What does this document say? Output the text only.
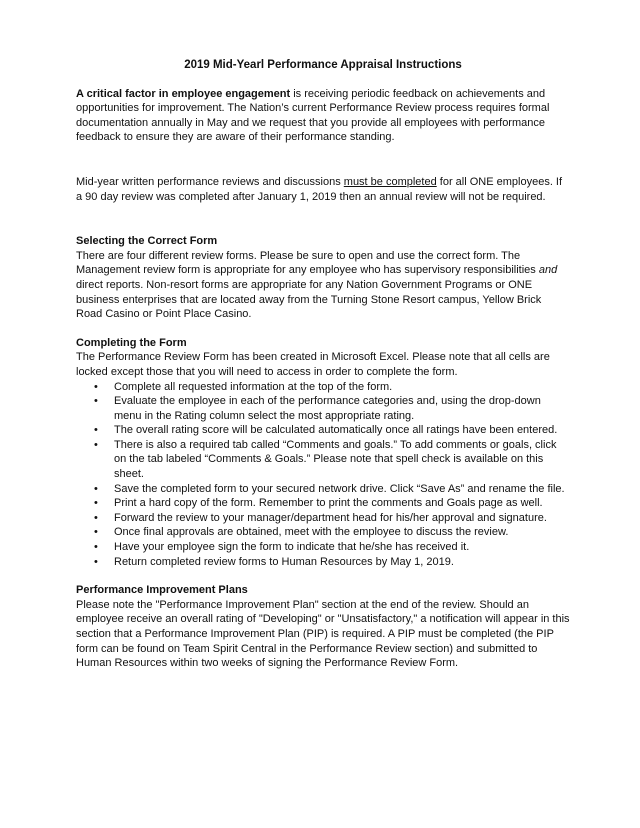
2019 Mid-Yearl Performance Appraisal Instructions

A critical factor in employee engagement is receiving periodic feedback on achievements and opportunities for improvement. The Nation’s current Performance Review process requires formal documentation annually in May and we request that you provide all employees with performance feedback to ensure they are aware of their performance standing.

Mid-year written performance reviews and discussions must be completed for all ONE employees. If a 90 day review was completed after January 1, 2019 then an annual review will not be required.

Selecting the Correct Form

There are four different review forms. Please be sure to open and use the correct form. The Management review form is appropriate for any employee who has supervisory responsibilities and direct reports. Non-resort forms are appropriate for any Nation Government Programs or ONE business enterprises that are located away from the Turning Stone Resort campus, Yellow Brick Road Casino or Point Place Casino.

Completing the Form

The Performance Review Form has been created in Microsoft Excel. Please note that all cells are locked except those that you will need to access in order to complete the form.

• Complete all requested information at the top of the form.
• Evaluate the employee in each of the performance categories and, using the drop-down menu in the Rating column select the most appropriate rating.
• The overall rating score will be calculated automatically once all ratings have been entered.
• There is also a required tab called “Comments and goals.” To add comments or goals, click on the tab labeled “Comments & Goals.” Please note that spell check is available on this sheet.
• Save the completed form to your secured network drive. Click “Save As” and rename the file.
• Print a hard copy of the form. Remember to print the comments and Goals page as well.
• Forward the review to your manager/department head for his/her approval and signature.
• Once final approvals are obtained, meet with the employee to discuss the review.
• Have your employee sign the form to indicate that he/she has received it.
• Return completed review forms to Human Resources by May 1, 2019.
Performance Improvement Plans

Please note the "Performance Improvement Plan" section at the end of the review. Should an employee receive an overall rating of "Developing" or "Unsatisfactory," a notification will appear in this section that a Performance Improvement Plan (PIP) is required. A PIP must be completed (the PIP form can be found on Team Spirit Central in the Performance Review section) and submitted to Human Resources within two weeks of signing the Performance Review Form.
